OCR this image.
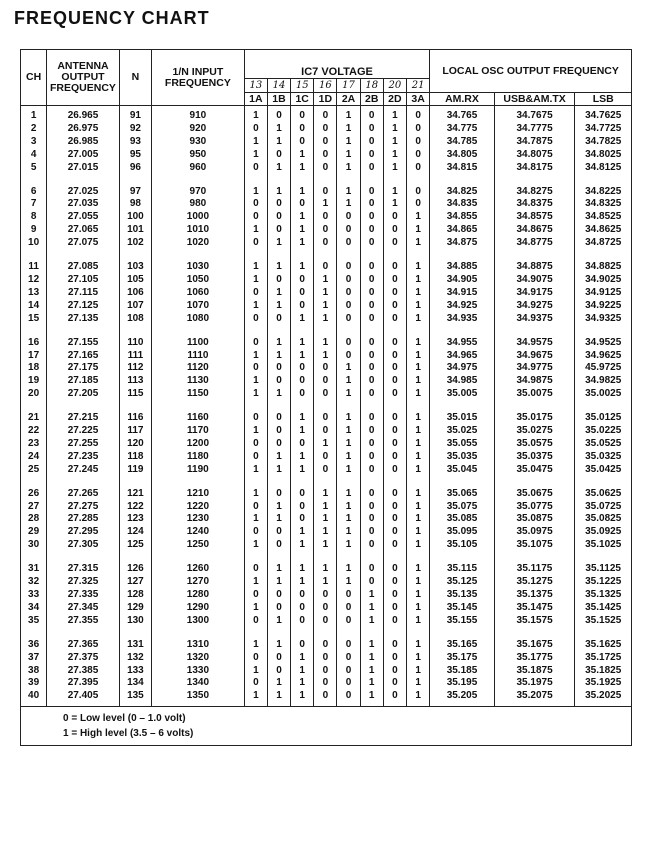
FREQUENCY CHART
CH	ANTENNA OUTPUT FREQUENCY	N	1/N INPUT FREQUENCY	IC7 VOLTAGE								LOCAL OSC OUTPUT FREQUENCY		
				13	14	15	16	17	18	20	21			
				1A	1B	1C	1D	2A	2B	2D	3A	AM.RX	USB&AM.TX	LSB
1	26.965	91	910	1	0	0	0	1	0	1	0	34.765	34.7675	34.7625
2	26.975	92	920	0	1	0	0	1	0	1	0	34.775	34.7775	34.7725
3	26.985	93	930	1	1	0	0	1	0	1	0	34.785	34.7875	34.7825
4	27.005	95	950	1	0	1	0	1	0	1	0	34.805	34.8075	34.8025
5	27.015	96	960	0	1	1	0	1	0	1	0	34.815	34.8175	34.8125

6	27.025	97	970	1	1	1	0	1	0	1	0	34.825	34.8275	34.8225
7	27.035	98	980	0	0	0	1	1	0	1	0	34.835	34.8375	34.8325
8	27.055	100	1000	0	0	1	0	0	0	0	1	34.855	34.8575	34.8525
9	27.065	101	1010	1	0	1	0	0	0	0	1	34.865	34.8675	34.8625
10	27.075	102	1020	0	1	1	0	0	0	0	1	34.875	34.8775	34.8725

11	27.085	103	1030	1	1	1	0	0	0	0	1	34.885	34.8875	34.8825
12	27.105	105	1050	1	0	0	1	0	0	0	1	34.905	34.9075	34.9025
13	27.115	106	1060	0	1	0	1	0	0	0	1	34.915	34.9175	34.9125
14	27.125	107	1070	1	1	0	1	0	0	0	1	34.925	34.9275	34.9225
15	27.135	108	1080	0	0	1	1	0	0	0	1	34.935	34.9375	34.9325

16	27.155	110	1100	0	1	1	1	0	0	0	1	34.955	34.9575	34.9525
17	27.165	111	1110	1	1	1	1	0	0	0	1	34.965	34.9675	34.9625
18	27.175	112	1120	0	0	0	0	1	0	0	1	34.975	34.9775	45.9725
19	27.185	113	1130	1	0	0	0	1	0	0	1	34.985	34.9875	34.9825
20	27.205	115	1150	1	1	0	0	1	0	0	1	35.005	35.0075	35.0025

21	27.215	116	1160	0	0	1	0	1	0	0	1	35.015	35.0175	35.0125
22	27.225	117	1170	1	0	1	0	1	0	0	1	35.025	35.0275	35.0225
23	27.255	120	1200	0	0	0	1	1	0	0	1	35.055	35.0575	35.0525
24	27.235	118	1180	0	1	1	0	1	0	0	1	35.035	35.0375	35.0325
25	27.245	119	1190	1	1	1	0	1	0	0	1	35.045	35.0475	35.0425

26	27.265	121	1210	1	0	0	1	1	0	0	1	35.065	35.0675	35.0625
27	27.275	122	1220	0	1	0	1	1	0	0	1	35.075	35.0775	35.0725
28	27.285	123	1230	1	1	0	1	1	0	0	1	35.085	35.0875	35.0825
29	27.295	124	1240	0	0	1	1	1	0	0	1	35.095	35.0975	35.0925
30	27.305	125	1250	1	0	1	1	1	0	0	1	35.105	35.1075	35.1025

31	27.315	126	1260	0	1	1	1	1	0	0	1	35.115	35.1175	35.1125
32	27.325	127	1270	1	1	1	1	1	0	0	1	35.125	35.1275	35.1225
33	27.335	128	1280	0	0	0	0	0	1	0	1	35.135	35.1375	35.1325
34	27.345	129	1290	1	0	0	0	0	1	0	1	35.145	35.1475	35.1425
35	27.355	130	1300	0	1	0	0	0	1	0	1	35.155	35.1575	35.1525

36	27.365	131	1310	1	1	0	0	0	1	0	1	35.165	35.1675	35.1625
37	27.375	132	1320	0	0	1	0	0	1	0	1	35.175	35.1775	35.1725
38	27.385	133	1330	1	0	1	0	0	1	0	1	35.185	35.1875	35.1825
39	27.395	134	1340	0	1	1	0	0	1	0	1	35.195	35.1975	35.1925
40	27.405	135	1350	1	1	1	0	0	1	0	1	35.205	35.2075	35.2025

0 = Low level (0 – 1.0 volt)
1 = High level (3.5 – 6 volts)														
